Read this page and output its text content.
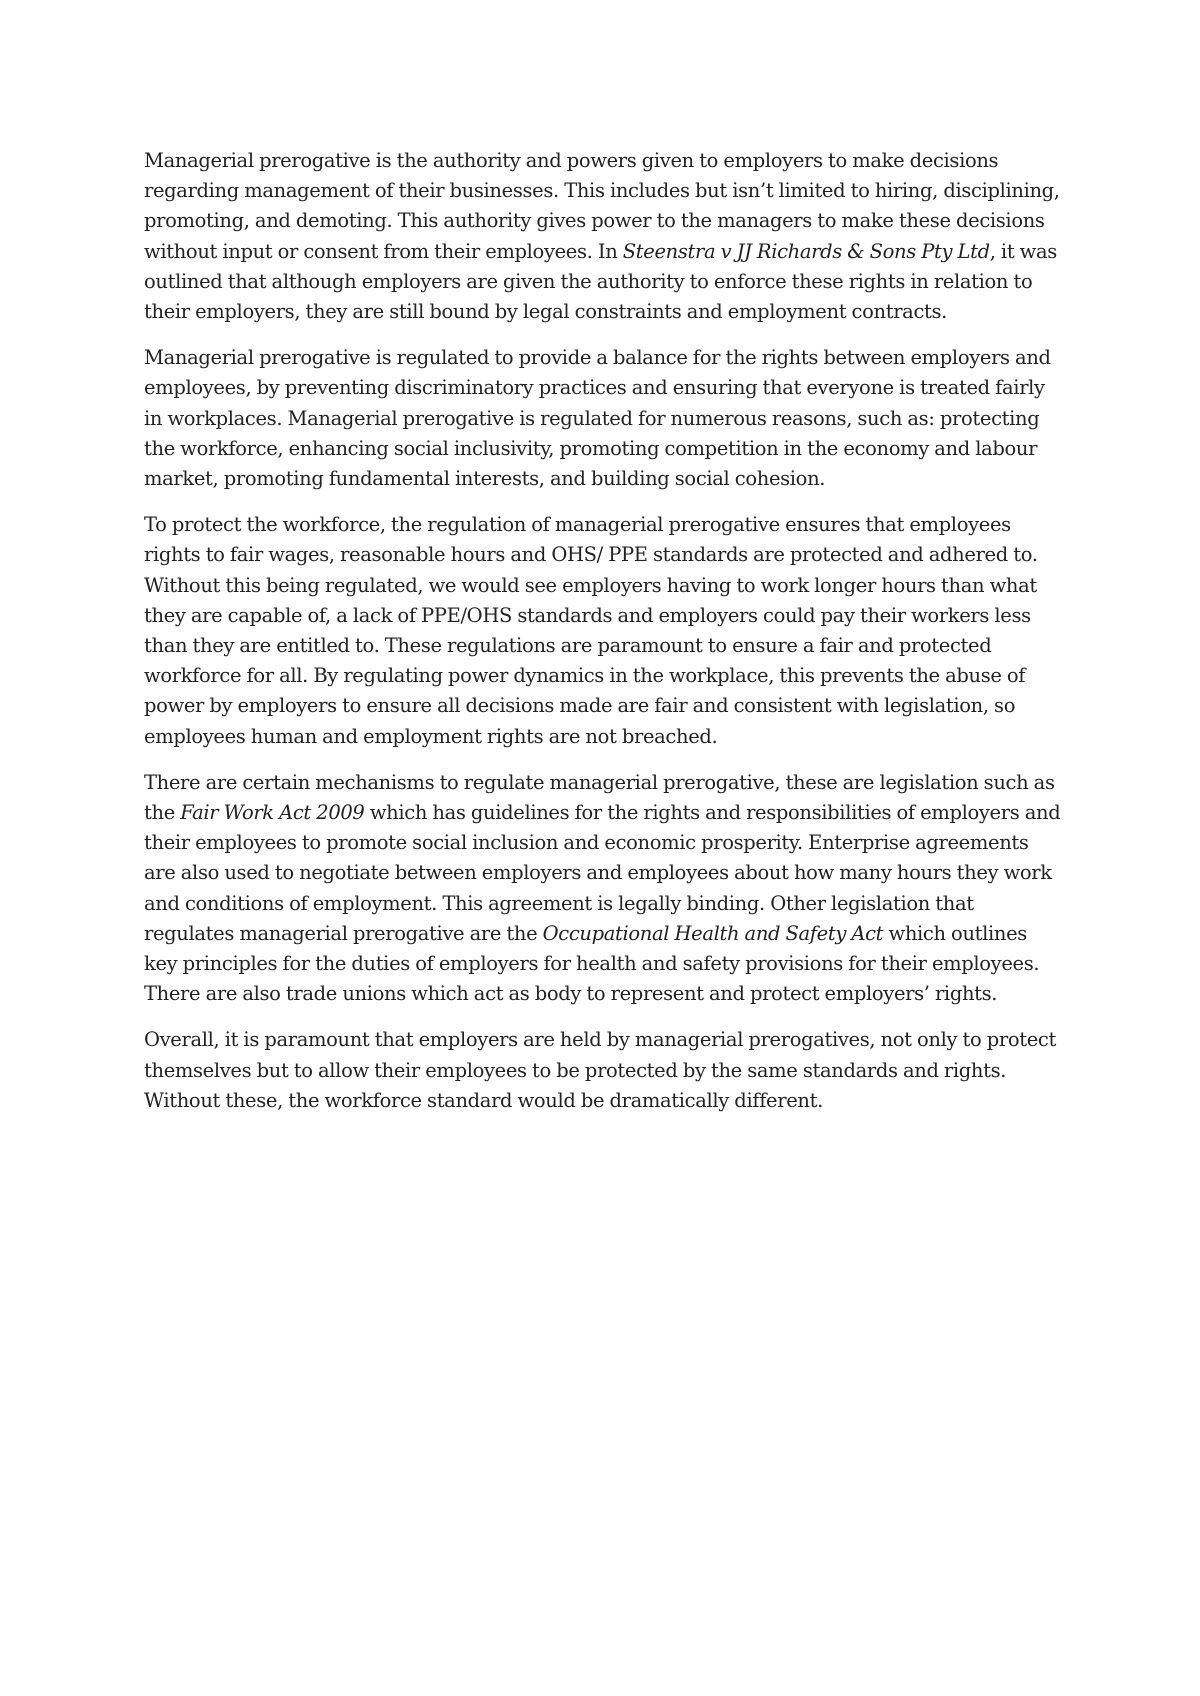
Managerial prerogative is the authority and powers given to employers to make decisions regarding management of their businesses. This includes but isn’t limited to hiring, disciplining, promoting, and demoting. This authority gives power to the managers to make these decisions without input or consent from their employees. In Steenstra v JJ Richards & Sons Pty Ltd, it was outlined that although employers are given the authority to enforce these rights in relation to their employers, they are still bound by legal constraints and employment contracts.

Managerial prerogative is regulated to provide a balance for the rights between employers and employees, by preventing discriminatory practices and ensuring that everyone is treated fairly in workplaces. Managerial prerogative is regulated for numerous reasons, such as: protecting the workforce, enhancing social inclusivity, promoting competition in the economy and labour market, promoting fundamental interests, and building social cohesion.

To protect the workforce, the regulation of managerial prerogative ensures that employees rights to fair wages, reasonable hours and OHS/ PPE standards are protected and adhered to. Without this being regulated, we would see employers having to work longer hours than what they are capable of, a lack of PPE/OHS standards and employers could pay their workers less than they are entitled to. These regulations are paramount to ensure a fair and protected workforce for all. By regulating power dynamics in the workplace, this prevents the abuse of power by employers to ensure all decisions made are fair and consistent with legislation, so employees human and employment rights are not breached.

There are certain mechanisms to regulate managerial prerogative, these are legislation such as the Fair Work Act 2009 which has guidelines for the rights and responsibilities of employers and their employees to promote social inclusion and economic prosperity. Enterprise agreements are also used to negotiate between employers and employees about how many hours they work and conditions of employment. This agreement is legally binding. Other legislation that regulates managerial prerogative are the Occupational Health and Safety Act which outlines key principles for the duties of employers for health and safety provisions for their employees. There are also trade unions which act as body to represent and protect employers’ rights.

Overall, it is paramount that employers are held by managerial prerogatives, not only to protect themselves but to allow their employees to be protected by the same standards and rights. Without these, the workforce standard would be dramatically different.
